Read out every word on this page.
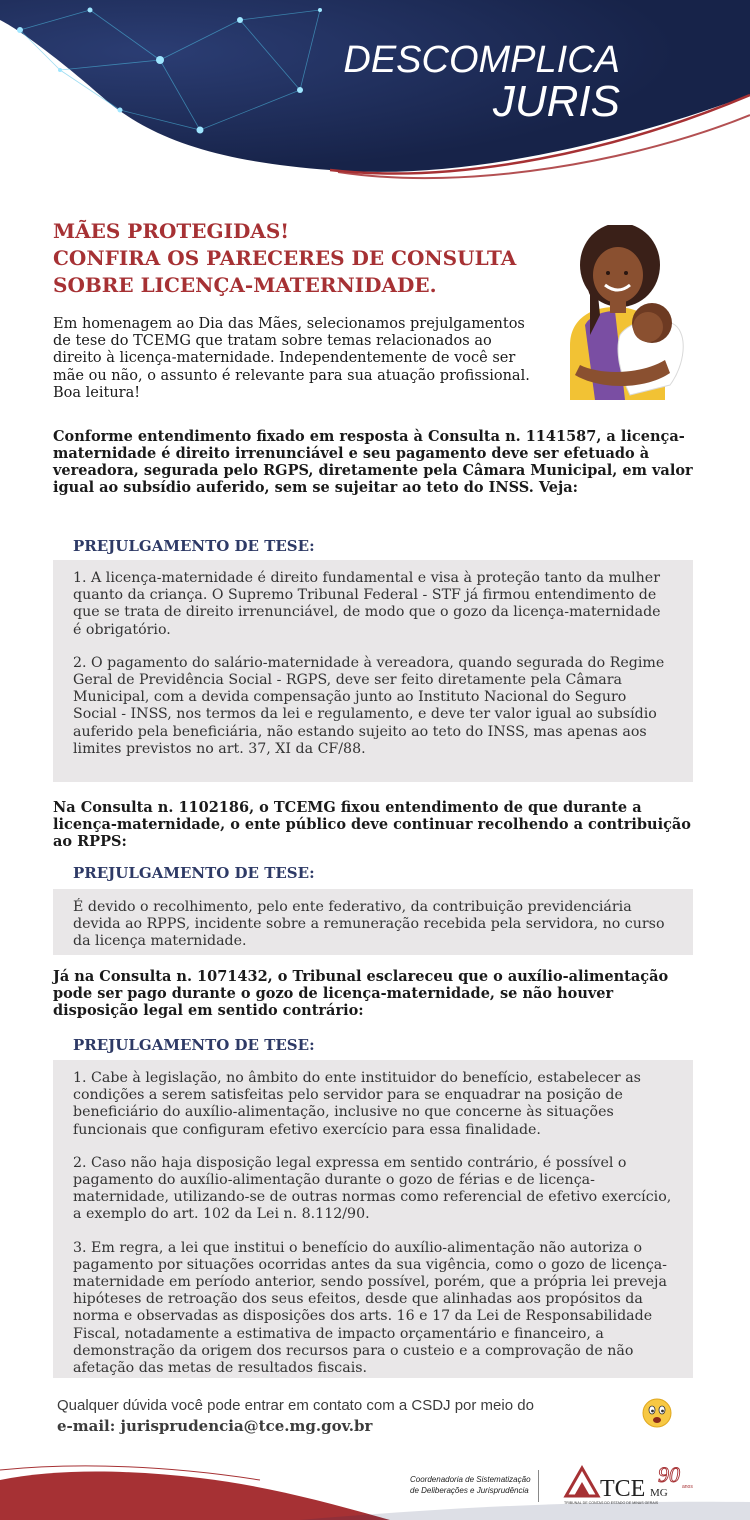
DESCOMPLICA
JURIS
MÃES PROTEGIDAS!
CONFIRA OS PARECERES DE CONSULTA
SOBRE LICENÇA-MATERNIDADE.
Em homenagem ao Dia das Mães, selecionamos prejulgamentos de tese do TCEMG que tratam sobre temas relacionados ao direito à licença-maternidade. Independentemente de você ser mãe ou não, o assunto é relevante para sua atuação profissional. Boa leitura!
Conforme entendimento fixado em resposta à Consulta n. 1141587, a licença-maternidade é direito irrenunciável e seu pagamento deve ser efetuado à vereadora, segurada pelo RGPS, diretamente pela Câmara Municipal, em valor igual ao subsídio auferido, sem se sujeitar ao teto do INSS. Veja:
PREJULGAMENTO DE TESE:

1. A licença-maternidade é direito fundamental e visa à proteção tanto da mulher quanto da criança. O Supremo Tribunal Federal - STF já firmou entendimento de que se trata de direito irrenunciável, de modo que o gozo da licença-maternidade é obrigatório.

2. O pagamento do salário-maternidade à vereadora, quando segurada do Regime Geral de Previdência Social - RGPS, deve ser feito diretamente pela Câmara Municipal, com a devida compensação junto ao Instituto Nacional do Seguro Social - INSS, nos termos da lei e regulamento, e deve ter valor igual ao subsídio auferido pela beneficiária, não estando sujeito ao teto do INSS, mas apenas aos limites previstos no art. 37, XI da CF/88.

Na Consulta n. 1102186, o TCEMG fixou entendimento de que durante a licença-maternidade, o ente público deve continuar recolhendo a contribuição ao RPPS:
PREJULGAMENTO DE TESE:

É devido o recolhimento, pelo ente federativo, da contribuição previdenciária devida ao RPPS, incidente sobre a remuneração recebida pela servidora, no curso da licença maternidade.

Já na Consulta n. 1071432, o Tribunal esclareceu que o auxílio-alimentação pode ser pago durante o gozo de licença-maternidade, se não houver disposição legal em sentido contrário:
PREJULGAMENTO DE TESE:

1. Cabe à legislação, no âmbito do ente instituidor do benefício, estabelecer as condições a serem satisfeitas pelo servidor para se enquadrar na posição de beneficiário do auxílio-alimentação, inclusive no que concerne às situações funcionais que configuram efetivo exercício para essa finalidade.

2. Caso não haja disposição legal expressa em sentido contrário, é possível o pagamento do auxílio-alimentação durante o gozo de férias e de licença-maternidade, utilizando-se de outras normas como referencial de efetivo exercício, a exemplo do art. 102 da Lei n. 8.112/90.

3. Em regra, a lei que institui o benefício do auxílio-alimentação não autoriza o pagamento por situações ocorridas antes da sua vigência, como o gozo de licença-maternidade em período anterior, sendo possível, porém, que a própria lei preveja hipóteses de retroação dos seus efeitos, desde que alinhadas aos propósitos da norma e observadas as disposições dos arts. 16 e 17 da Lei de Responsabilidade Fiscal, notadamente a estimativa de impacto orçamentário e financeiro, a demonstração da origem dos recursos para o custeio e a comprovação de não afetação das metas de resultados fiscais.

Qualquer dúvida você pode entrar em contato com a CSDJ por meio do
e-mail: jurisprudencia@tce.mg.gov.br
Coordenadoria de Sistematização
de Deliberações e Jurisprudência	TCE MG
90 anos
TRIBUNAL DE CONTAS DO ESTADO DE MINAS GERAIS
